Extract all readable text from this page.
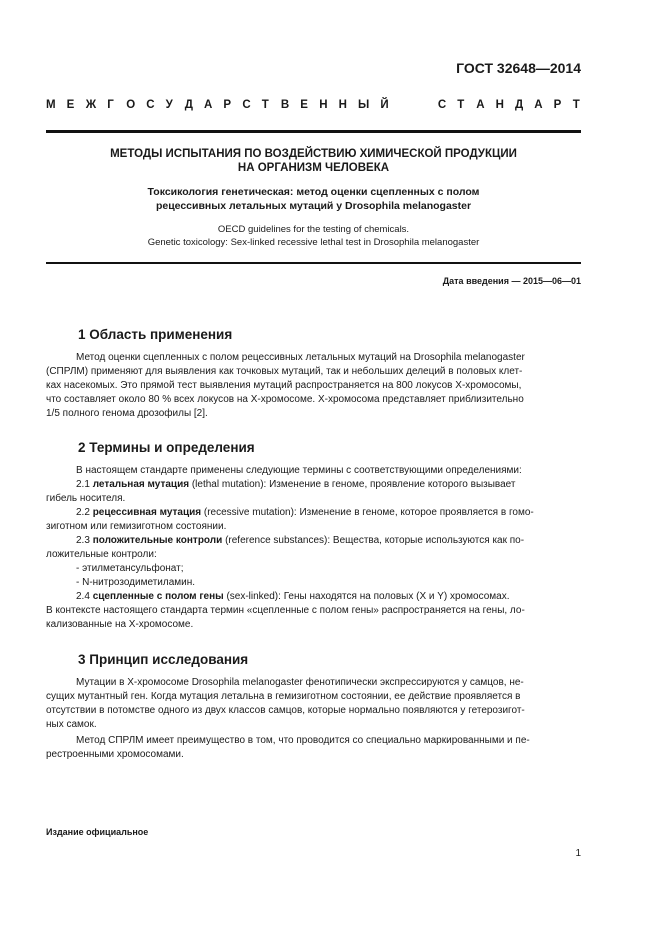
ГОСТ 32648—2014
М Е Ж Г О С У Д А Р С Т В Е Н Н Ы Й	С Т А Н Д А Р Т
МЕТОДЫ ИСПЫТАНИЯ ПО ВОЗДЕЙСТВИЮ ХИМИЧЕСКОЙ ПРОДУКЦИИ
НА ОРГАНИЗМ ЧЕЛОВЕКА
Токсикология генетическая: метод оценки сцепленных с полом
рецессивных летальных мутаций у Drosophila melanogaster
OECD guidelines for the testing of chemicals.
Genetic toxicology: Sex-linked recessive lethal test in Drosophila melanogaster
Дата введения — 2015—06—01
1 Область применения
Метод оценки сцепленных с полом рецессивных летальных мутаций на Drosophila melanogaster
(СПРЛМ) применяют для выявления как точковых мутаций, так и небольших делеций в половых клет-
ках насекомых. Это прямой тест выявления мутаций распространяется на 800 локусов X-хромосомы,
что составляет около 80 % всех локусов на X-хромосоме. X-хромосома представляет приблизительно
1/5 полного генома дрозофилы [2].
2 Термины и определения
В настоящем стандарте применены следующие термины с соответствующими определениями:
2.1 летальная мутация (lethal mutation): Изменение в геноме, проявление которого вызывает
гибель носителя.
2.2 рецессивная мутация (recessive mutation): Изменение в геноме, которое проявляется в гомо-
зиготном или гемизиготном состоянии.
2.3 положительные контроли (reference substances): Вещества, которые используются как по-
ложительные контроли:
- этилметансульфонат;
- N-нитрозодиметиламин.
2.4 сцепленные с полом гены (sex-linked): Гены находятся на половых (X и Y) хромосомах.
В контексте настоящего стандарта термин «сцепленные с полом гены» распространяется на гены, ло-
кализованные на X-хромосоме.
3 Принцип исследования
Мутации в X-хромосоме Drosophila melanogaster фенотипически экспрессируются у самцов, не-
сущих мутантный ген. Когда мутация летальна в гемизиготном состоянии, ее действие проявляется в
отсутствии в потомстве одного из двух классов самцов, которые нормально появляются у гетерозигот-
ных самок.
Метод СПРЛМ имеет преимущество в том, что проводится со специально маркированными и пе-
рестроенными хромосомами.
Издание официальное
1
